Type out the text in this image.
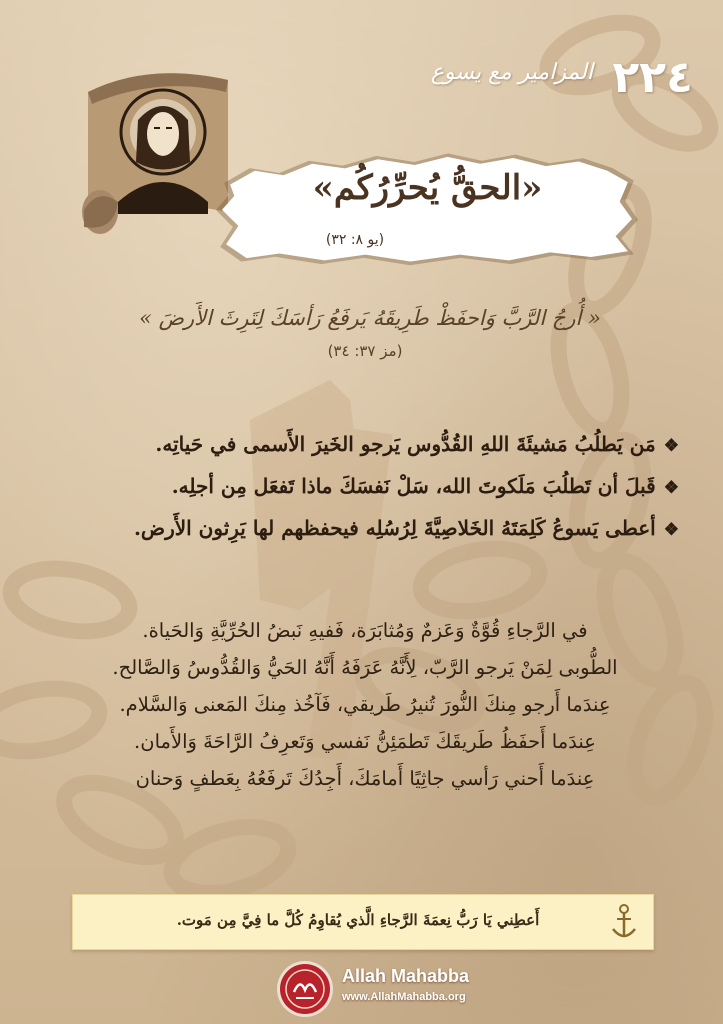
٢٢٤
المزامير مع يسوع
«الحقُّ يُحرِّرُكُم»
(يو ٨: ٣٢)
« أُرجُ الرَّبَّ وَاحفَظْ طَرِيقَهُ يَرفَعُ رَأسَكَ لِتَرِثَ الأَرضَ »
(مز ٣٧: ٣٤)
❖مَن يَطلُبُ مَشيئَةَ اللهِ القُدُّوس يَرجو الخَيرَ الأَسمى في حَياتِه.
❖قَبلَ أن تَطلُبَ مَلَكوتَ الله، سَلْ نَفسَكَ ماذا تَفعَل مِن أجلِه.
❖أعطى يَسوعُ كَلِمَتَهُ الخَلاصِيَّةَ لِرُسُلِه فيحفظهم لها يَرِثون الأَرض.
في الرَّجاءِ قُوَّةٌ وَعَزمٌ وَمُثابَرَة، فَفيهِ نَبضُ الحُرِّيَّةِ وَالحَياة.
الطُّوبى لِمَنْ يَرجو الرَّبّ، لِأَنَّهُ عَرَفَهُ أَنَّهُ الحَيُّ وَالقُدُّوسُ وَالصَّالح.
عِندَما أَرجو مِنكَ النُّورَ تُنيرُ طَريقي، فَآخُذ مِنكَ المَعنى وَالسَّلام.
عِندَما أَحفَظُ طَريقَكَ تَطمَئِنُّ نَفسي وَتَعرِفُ الرَّاحَةَ وَالأَمان.
عِندَما أَحني رَأسي جاثِيًا أَمامَكَ، أَجِدُكَ تَرفَعُهُ بِعَطفٍ وَحنان
أَعطِني يَا رَبُّ نِعمَةَ الرَّجاءِ الَّذي يُقاوِمُ كُلَّ ما فِيَّ مِن مَوت.
Allah Mahabba
www.AllahMahabba.org
